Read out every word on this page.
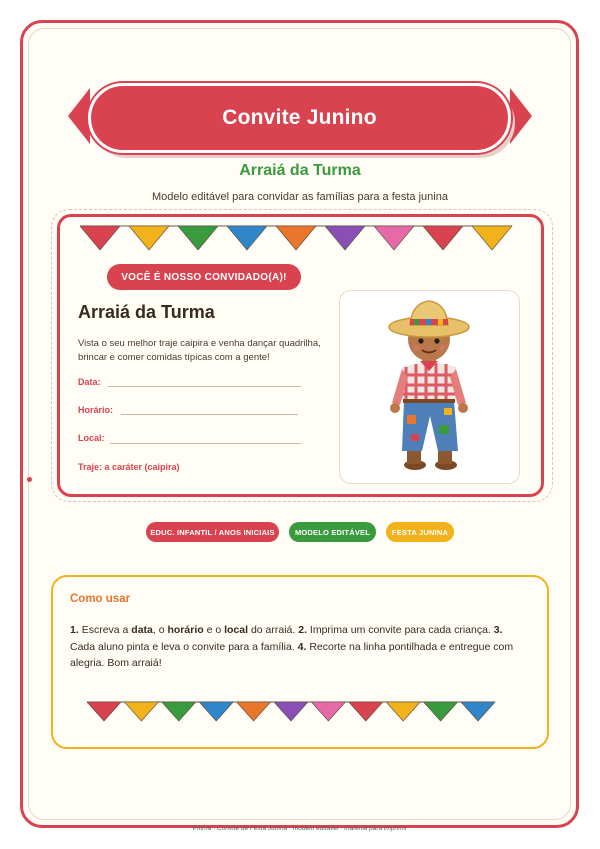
Convite Junino
Arraiá da Turma
Modelo editável para convidar as famílias para a festa junina
VOCÊ É NOSSO CONVIDADO(A)!
Arraiá da Turma
Vista o seu melhor traje caipira e venha dançar quadrilha, brincar e comer comidas típicas com a gente!
Data:
Horário:
Local:
Traje: a caráter (caipira)
EDUC. INFANTIL / ANOS INICIAIS	MODELO EDITÁVEL	FESTA JUNINA
Como usar
1. Escreva a data, o horário e o local do arraiá. 2. Imprima um convite para cada criança. 3. Cada aluno pinta e leva o convite para a família. 4. Recorte na linha pontilhada e entregue com alegria. Bom arraiá!
Pluma · Convite de Festa Junina · modelo editável · material para imprimir
